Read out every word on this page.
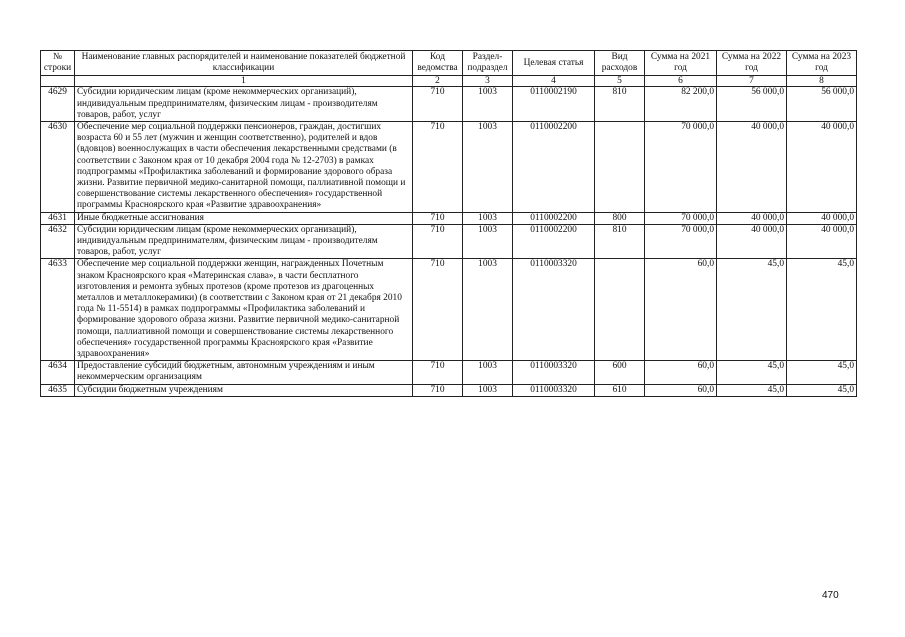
№ строки	Наименование главных распорядителей и наименование показателей бюджетной классификации	Код ведомства	Раздел-подраздел	Целевая статья	Вид расходов	Сумма на 2021 год	Сумма на 2022 год	Сумма на 2023 год
	1	2	3	4	5	6	7	8
4629	Субсидии юридическим лицам (кроме некоммерческих организаций), индивидуальным предпринимателям, физическим лицам - производителям товаров, работ, услуг	710	1003	0110002190	810	82 200,0	56 000,0	56 000,0
4630	Обеспечение мер социальной поддержки пенсионеров, граждан, достигших возраста 60 и 55 лет (мужчин и женщин соответственно), родителей и вдов (вдовцов) военнослужащих в части обеспечения лекарственными средствами (в соответствии с Законом края от 10 декабря 2004 года № 12-2703) в рамках подпрограммы «Профилактика заболеваний и формирование здорового образа жизни. Развитие первичной медико-санитарной помощи, паллиативной помощи и совершенствование системы лекарственного обеспечения» государственной программы Красноярского края «Развитие здравоохранения»	710	1003	0110002200		70 000,0	40 000,0	40 000,0
4631	Иные бюджетные ассигнования	710	1003	0110002200	800	70 000,0	40 000,0	40 000,0
4632	Субсидии юридическим лицам (кроме некоммерческих организаций), индивидуальным предпринимателям, физическим лицам - производителям товаров, работ, услуг	710	1003	0110002200	810	70 000,0	40 000,0	40 000,0
4633	Обеспечение мер социальной поддержки женщин, награжденных Почетным знаком Красноярского края «Материнская слава», в части бесплатного изготовления и ремонта зубных протезов (кроме протезов из драгоценных металлов и металлокерамики) (в соответствии с Законом края от 21 декабря 2010 года № 11-5514) в рамках подпрограммы «Профилактика заболеваний и формирование здорового образа жизни. Развитие первичной медико-санитарной помощи, паллиативной помощи и совершенствование системы лекарственного обеспечения» государственной программы Красноярского края «Развитие здравоохранения»	710	1003	0110003320		60,0	45,0	45,0
4634	Предоставление субсидий бюджетным, автономным учреждениям и иным некоммерческим организациям	710	1003	0110003320	600	60,0	45,0	45,0
4635	Субсидии бюджетным учреждениям	710	1003	0110003320	610	60,0	45,0	45,0
470
